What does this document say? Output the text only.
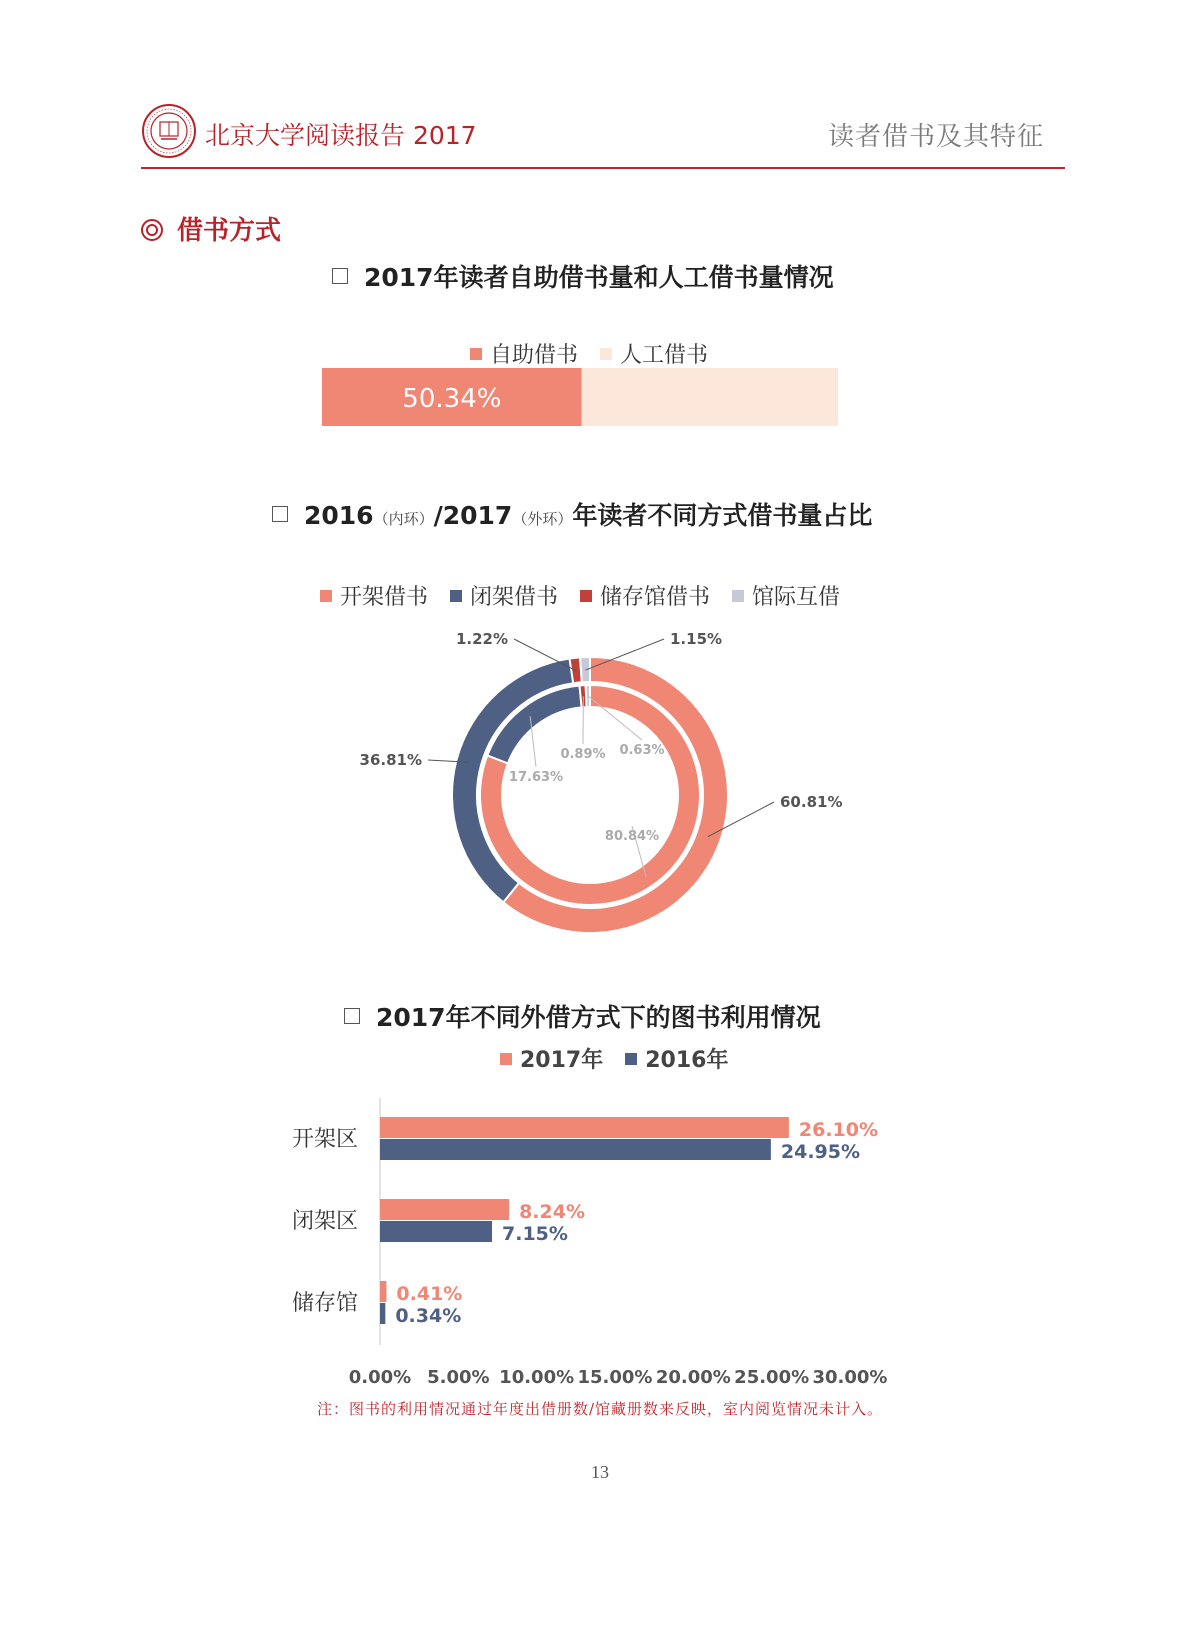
北京大学阅读报告 2017	读者借书及其特征
借书方式
2017年读者自助借书量和人工借书量情况
自助借书 人工借书
50.34%
2016（内环）/2017（外环）年读者不同方式借书量占比
开架借书 闭架借书 储存馆借书 馆际互借
60.81%
36.81%
1.22%	1.15%
80.84%
17.63%
0.89% 0.63%
2017年不同外借方式下的图书利用情况
2017年 2016年
开架区	26.10%
24.95%
闭架区	8.24%
7.15%
储存馆 0.41%
0.34%
0.00% 5.00% 10.00% 15.00% 20.00% 25.00% 30.00%
注：图书的利用情况通过年度出借册数/馆藏册数来反映，室内阅览情况未计入。
13
